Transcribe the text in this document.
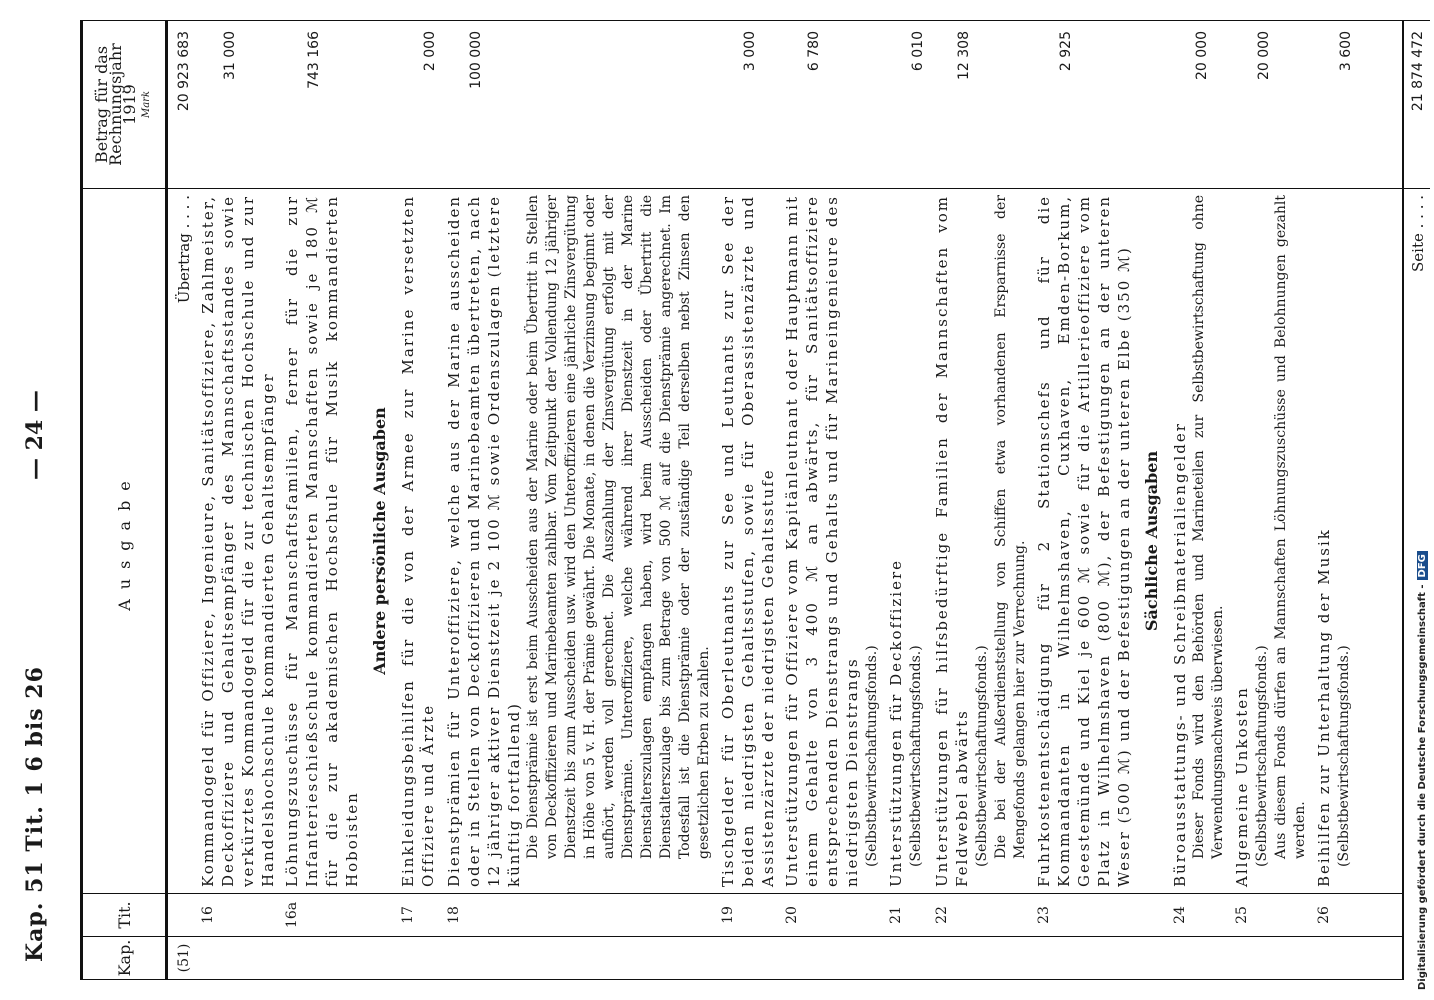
Kap. 51 Tit. 1 6 bis 26
— 24 —
Kap.	Tit.	Ausgabe	Betrag für das
Rechnungsjahr
1919 Mark
(51)		Übertrag . . . .	20 923 683
	16	Kommandogeld für Offiziere, Ingenieure, Sanitätsoffiziere, Zahlmeister, Deckoffiziere und Gehaltsempfänger des Mannschaftsstandes sowie verkürztes Kommandogeld für die zur technischen Hochschule und zur Handelshochschule kommandierten Gehaltsempfänger	31 000

	16a	Löhnungszuschüsse für Mannschaftsfamilien, ferner für die zur Infanterieschießschule kommandierten Mannschaften sowie je 180 ℳ für die zur akademischen Hochschule für Musik kommandierten Hoboisten	743 166

		Andere persönliche Ausgaben	
	17	Einkleidungsbeihilfen für die von der Armee zur Marine versetzten Offiziere und Ärzte	2 000

	18	Dienstprämien für Unteroffiziere, welche aus der Marine ausscheiden oder in Stellen von Deckoffizieren und Marinebeamten übertreten, nach 12 jähriger aktiver Dienstzeit je 2 100 ℳ sowie Ordenszulagen (letztere künftig fortfallend) Die Dienstprämie ist erst beim Ausscheiden aus der Marine oder beim Übertritt in Stellen von Deckoffizieren und Marinebeamten zahlbar. Vom Zeitpunkt der Vollendung 12 jähriger Dienstzeit bis zum Ausscheiden usw. wird den Unteroffizieren eine jährliche Zinsvergütung in Höhe von 5 v. H. der Prämie gewährt. Die Monate, in denen die Verzinsung beginnt oder aufhört, werden voll gerechnet. Die Auszahlung der Zinsvergütung erfolgt mit der Dienstprämie. Unteroffiziere, welche während ihrer Dienstzeit in der Marine Dienstalterszulagen empfangen haben, wird beim Ausscheiden oder Übertritt die Dienstalterszulage bis zum Betrage von 500 ℳ auf die Dienstprämie angerechnet. Im Todesfall ist die Dienstprämie oder der zuständige Teil derselben nebst Zinsen den gesetzlichen Erben zu zahlen.	100 000

	19	Tischgelder für Oberleutnants zur See und Leutnants zur See der beiden niedrigsten Gehaltsstufen, sowie für Oberassistenzärzte und Assistenzärzte der niedrigsten Gehaltsstufe	3 000

	20	Unterstützungen für Offiziere vom Kapitänleutnant oder Hauptmann mit einem Gehalte von 3 400 ℳ an abwärts, für Sanitätsoffiziere entsprechenden Dienstrangs und Gehalts und für Marineingenieure des niedrigsten Dienstrangs (Selbstbewirtschaftungsfonds.)	6 780

	21	Unterstützungen für Deckoffiziere (Selbstbewirtschaftungsfonds.)	6 010

	22	Unterstützungen für hilfsbedürftige Familien der Mannschaften vom Feldwebel abwärts (Selbstbewirtschaftungsfonds.) Die bei der Außerdienststellung von Schiffen etwa vorhandenen Ersparnisse der Mengefonds gelangen hier zur Verrechnung.	12 308

	23	Fuhrkostenentschädigung für 2 Stationschefs und für die Kommandanten in Wilhelmshaven, Cuxhaven, Emden-Borkum, Geestemünde und Kiel je 600 ℳ sowie für die Artillerieoffiziere vom Platz in Wilhelmshaven (800 ℳ), der Befestigungen an der unteren Weser (500 ℳ) und der Befestigungen an der unteren Elbe (350 ℳ)	2 925

		Sächliche Ausgaben	
	24	Büroausstattungs- und Schreibmaterialiengelder Dieser Fonds wird den Behörden und Marineteilen zur Selbstbewirtschaftung ohne Verwendungsnachweis überwiesen.	20 000

	25	Allgemeine Unkosten (Selbstbewirtschaftungsfonds.) Aus diesem Fonds dürfen an Mannschaften Löhnungszuschüsse und Belohnungen gezahlt werden.	20 000

	26	Beihilfen zur Unterhaltung der Musik (Selbstbewirtschaftungsfonds.)	3 600

		Seite . . . .	21 874 472
Digitalisierung gefördert durch die Deutsche Forschungsgemeinschaft -DFG
